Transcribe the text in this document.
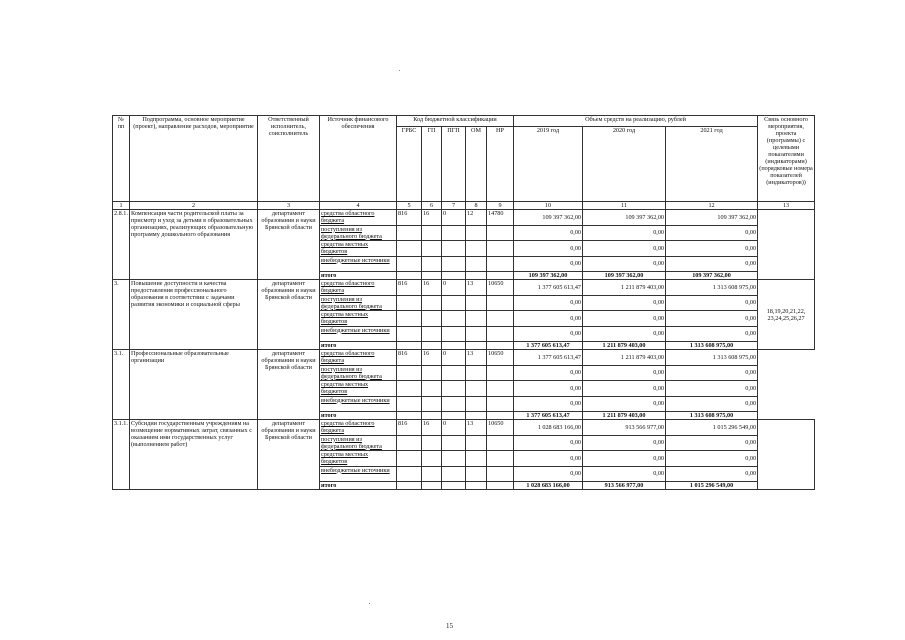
№ пп	Подпрограмма, основное мероприятие (проект), направление расходов, мероприятие	Ответственный исполнитель, соисполнитель	Источник финансового обеспечения	Код бюджетной классификации					Объем средств на реализацию, рублей			Связь основного мероприятия, проекта (программы) с целевыми показателями (индикаторами) (порядковые номера показателей (индикаторов))
				ГРБС	ГП	ПГП	ОМ	НР	2019 год	2020 год	2021 год	
1	2	3	4	5	6	7	8	9	10	11	12	13
2.8.1.	Компенсация части родительской платы за присмотр и уход за детьми в образовательных организациях, реализующих образовательную программу дошкольного образования	департамент образования и науки Брянской области	средства областного бюджета	816	16	0	12	14780	109 397 362,00	109 397 362,00	109 397 362,00	
			поступления из федерального бюджета						0,00	0,00	0,00	
			средства местных бюджетов						0,00	0,00	0,00	
			внебюджетные источники						0,00	0,00	0,00	
			итого						109 397 362,00	109 397 362,00	109 397 362,00	
3.	Повышение доступности и качества предоставления профессионального образования в соответствии с задачами развития экономики и социальной сферы	департамент образования и науки Брянской области	средства областного бюджета	816	16	0	13	10650	1 377 605 613,47	1 211 879 403,00	1 313 608 975,00	18,19,20,21,22, 23,24,25,26,27
			поступления из федерального бюджета						0,00	0,00	0,00	
			средства местных бюджетов						0,00	0,00	0,00	
			внебюджетные источники						0,00	0,00	0,00	
			итого						1 377 605 613,47	1 211 879 403,00	1 313 608 975,00	
3.1.	Профессиональные образовательные организации	департамент образования и науки Брянской области	средства областного бюджета	816	16	0	13	10650	1 377 605 613,47	1 211 879 403,00	1 313 608 975,00	
			поступления из федерального бюджета						0,00	0,00	0,00	
			средства местных бюджетов						0,00	0,00	0,00	
			внебюджетные источники						0,00	0,00	0,00	
			итого						1 377 605 613,47	1 211 879 403,00	1 313 608 975,00	
3.1.1.	Субсидии государственным учреждениям на возмещение нормативных затрат, связанных с оказанием ими государственных услуг (выполнением работ)	департамент образования и науки Брянской области	средства областного бюджета	816	16	0	13	10650	1 028 683 166,00	913 566 977,00	1 015 296 549,00	
			поступления из федерального бюджета						0,00	0,00	0,00	
			средства местных бюджетов						0,00	0,00	0,00	
			внебюджетные источники						0,00	0,00	0,00	
			итого						1 028 683 166,00	913 566 977,00	1 015 296 549,00	
15
